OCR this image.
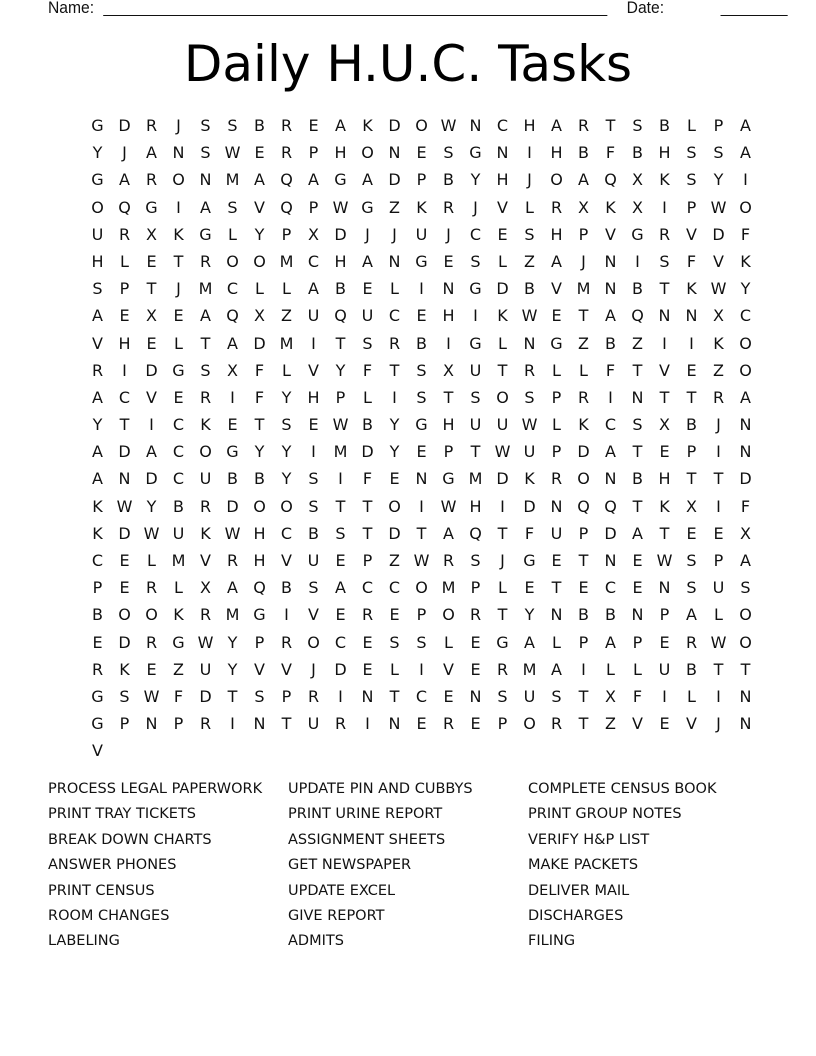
Name:	Date:
Daily H.U.C. Tasks
G D R	J	S	S	B R	E	A	K D O W N C H A R	T	S	B	L	P	A
Y	J	A N S W E	R	P	H O N E	S G N	I	H B	F	B H S	S	A
G A R O N M A Q A G A D	P	B	Y	H	J	O A Q X	K	S	Y	I
O Q G	I	A	S	V Q P W G Z	K	R	J	V	L	R X	K	X	I	P W O
U R X	K G	L	Y	P	X D	J	J	U	J	C	E	S H	P	V G R V D	F
H	L	E	T	R O O M C H A N G E	S	L	Z	A	J	N	I	S	F	V	K
S	P	T	J	M C	L	L	A	B	E	L	I	N G D B	V M N B	T	K W Y
A	E	X	E	A Q X	Z U Q U C	E H	I	K W E	T	A Q N N X C
V H E	L	T	A D M	I	T	S	R B	I	G	L	N G Z	B	Z	I	I	K O
R	I	D G S	X	F	L	V	Y	F	T	S	X U	T	R	L	L	F	T	V	E	Z O
A C V	E	R	I	F	Y	H	P	L	I	S	T	S O S	P	R	I	N	T	T	R A
Y	T	I	C	K	E	T	S	E W B	Y G H U U W L	K	C	S	X	B	J	N
A D A C O G Y	Y	I	M D Y	E	P	T W U	P	D A	T	E	P	I	N
A N D C U B	B	Y	S	I	F	E N G M D K	R O N B H	T	T D
K W Y	B R D O O S	T	T O	I	W H	I	D N Q Q T	K	X	I	F
K D W U K W H C B	S	T D T	A Q T	F	U	P	D A	T	E	E	X
C	E	L M V R H V U	E	P	Z W R	S	J	G E	T	N E W S	P	A
P	E	R	L	X	A Q B	S	A C C O M P	L	E	T	E	C	E N S	U	S
B O O K	R M G	I	V	E	R	E	P O R	T	Y	N B	B N	P	A	L	O
E D R G W Y	P	R O C	E	S	S	L	E G A	L	P	A	P	E	R W O
R	K	E	Z U	Y	V	V	J	D E	L	I	V	E	R M A	I	L	L	U B	T	T
G S W F	D T	S	P	R	I	N	T	C	E N S	U	S	T	X	F	I	L	I	N
G P	N	P	R	I	N	T	U R	I	N E	R	E	P O R	T	Z	V	E	V	J	N
V
PROCESS LEGAL PAPERWORK	UPDATE PIN AND CUBBYS	COMPLETE CENSUS BOOK
PRINT TRAY TICKETS	PRINT URINE REPORT	PRINT GROUP NOTES
BREAK DOWN CHARTS	ASSIGNMENT SHEETS	VERIFY H&P LIST
ANSWER PHONES	GET NEWSPAPER	MAKE PACKETS
PRINT CENSUS	UPDATE EXCEL	DELIVER MAIL
ROOM CHANGES	GIVE REPORT	DISCHARGES
LABELING	ADMITS	FILING
